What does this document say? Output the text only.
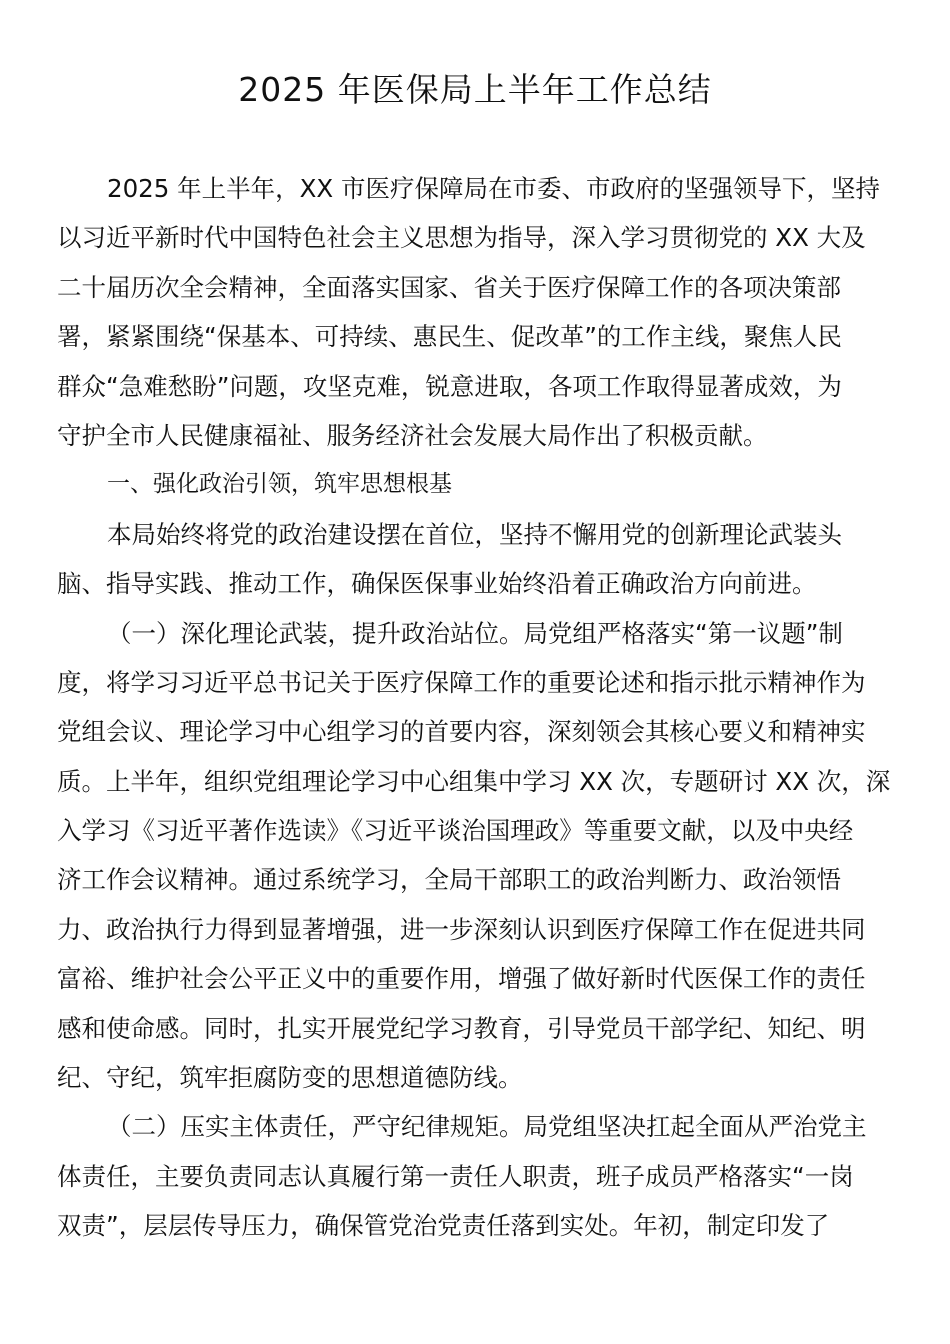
2025 年医保局上半年工作总结
2025 年上半年，XX 市医疗保障局在市委、市政府的坚强领导下，坚持
以习近平新时代中国特色社会主义思想为指导，深入学习贯彻党的 XX 大及
二十届历次全会精神，全面落实国家、省关于医疗保障工作的各项决策部
署，紧紧围绕“保基本、可持续、惠民生、促改革”的工作主线，聚焦人民
群众“急难愁盼”问题，攻坚克难，锐意进取，各项工作取得显著成效，为
守护全市人民健康福祉、服务经济社会发展大局作出了积极贡献。
一、强化政治引领，筑牢思想根基
本局始终将党的政治建设摆在首位，坚持不懈用党的创新理论武装头
脑、指导实践、推动工作，确保医保事业始终沿着正确政治方向前进。
（一）深化理论武装，提升政治站位。局党组严格落实“第一议题”制
度，将学习习近平总书记关于医疗保障工作的重要论述和指示批示精神作为
党组会议、理论学习中心组学习的首要内容，深刻领会其核心要义和精神实
质。上半年，组织党组理论学习中心组集中学习 XX 次，专题研讨 XX 次，深
入学习《习近平著作选读》《习近平谈治国理政》等重要文献，以及中央经
济工作会议精神。通过系统学习，全局干部职工的政治判断力、政治领悟
力、政治执行力得到显著增强，进一步深刻认识到医疗保障工作在促进共同
富裕、维护社会公平正义中的重要作用，增强了做好新时代医保工作的责任
感和使命感。同时，扎实开展党纪学习教育，引导党员干部学纪、知纪、明
纪、守纪，筑牢拒腐防变的思想道德防线。
（二）压实主体责任，严守纪律规矩。局党组坚决扛起全面从严治党主
体责任，主要负责同志认真履行第一责任人职责，班子成员严格落实“一岗
双责”，层层传导压力，确保管党治党责任落到实处。年初，制定印发了
